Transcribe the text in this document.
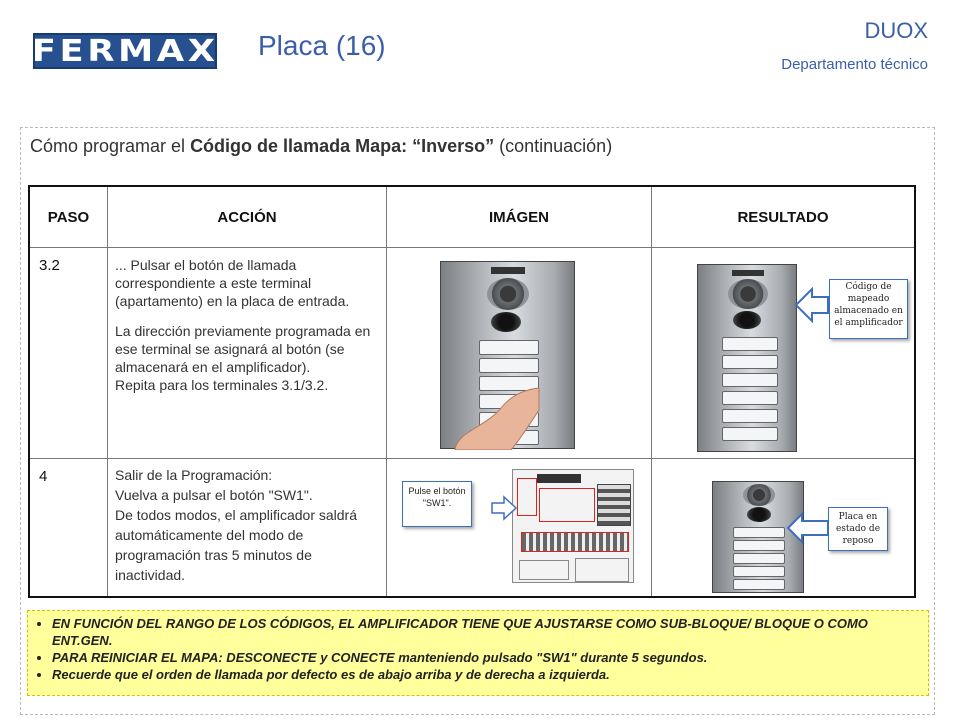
FERMAX Placa (16)	DUOX
Departamento técnico
Cómo programar el Código de llamada Mapa: “Inverso” (continuación)
PASO	ACCIÓN	IMÁGEN	RESULTADO
3.2	... Pulsar el botón de llamada correspondiente a este terminal (apartamento) en la placa de entrada.
La dirección previamente programada en ese terminal se asignará al botón (se almacenará en el amplificador).
Repita para los terminales 3.1/3.2.
Código de mapeado almacenado en el amplificador
4	Salir de la Programación:
Vuelva a pulsar el botón "SW1".
De todos modos, el amplificador saldrá automáticamente del modo de programación tras 5 minutos de inactividad.
Pulse el botón "SW1".
Placa en estado de reposo
• EN FUNCIÓN DEL RANGO DE LOS CÓDIGOS, EL AMPLIFICADOR TIENE QUE AJUSTARSE COMO SUB-BLOQUE/ BLOQUE O COMO ENT.GEN.
• PARA REINICIAR EL MAPA: DESCONECTE y CONECTE manteniendo pulsado "SW1" durante 5 segundos.
• Recuerde que el orden de llamada por defecto es de abajo arriba y de derecha a izquierda.
